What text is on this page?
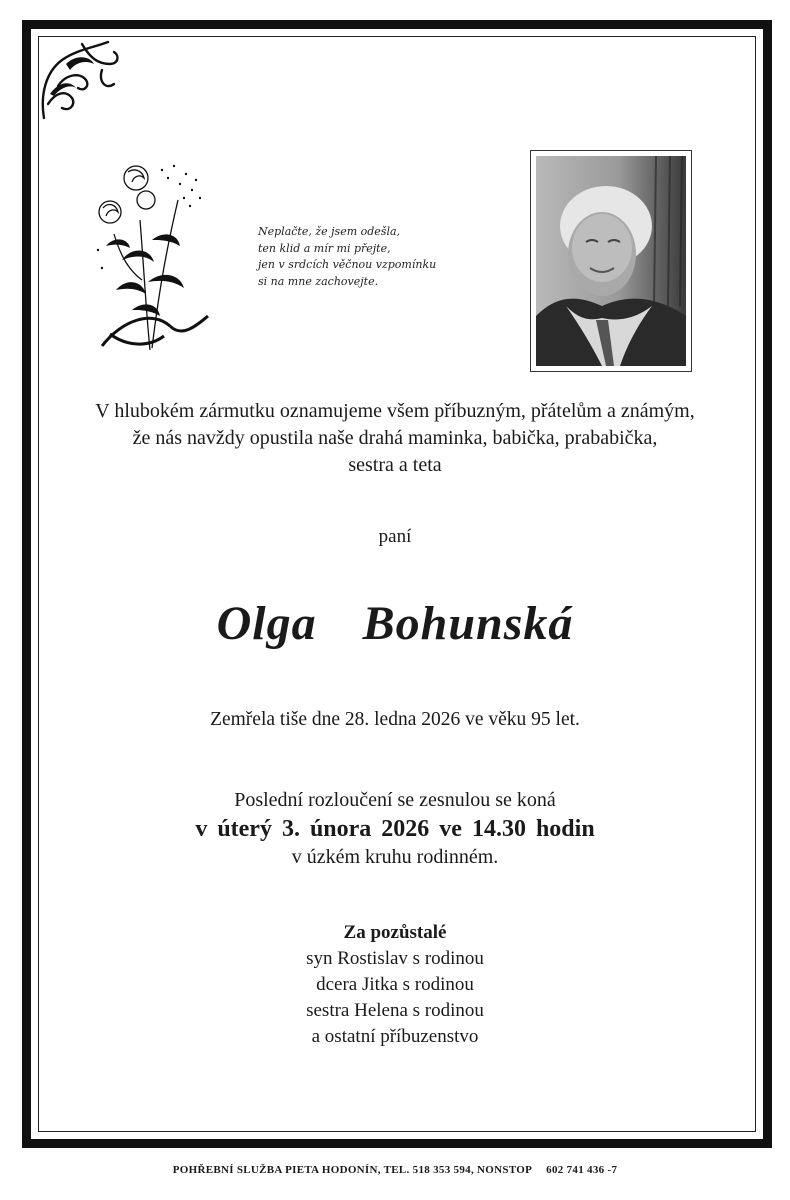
Neplačte, že jsem odešla,
ten klid a mír mi přejte,
jen v srdcích věčnou vzpomínku
si na mne zachovejte.
V hlubokém zármutku oznamujeme všem příbuzným, přátelům a známým,
že nás navždy opustila naše drahá maminka, babička, prababička,
sestra a teta
paní
Olga  Bohunská
Zemřela tiše dne 28. ledna 2026 ve věku 95 let.
Poslední rozloučení se zesnulou se koná
v úterý 3. února 2026 ve 14.30 hodin
v úzkém kruhu rodinném.
Za pozůstalé
syn Rostislav s rodinou
dcera Jitka s rodinou
sestra Helena s rodinou
a ostatní příbuzenstvo
POHŘEBNÍ SLUŽBA PIETA HODONÍN, TEL. 518 353 594, NONSTOP 602 741 436 -7
